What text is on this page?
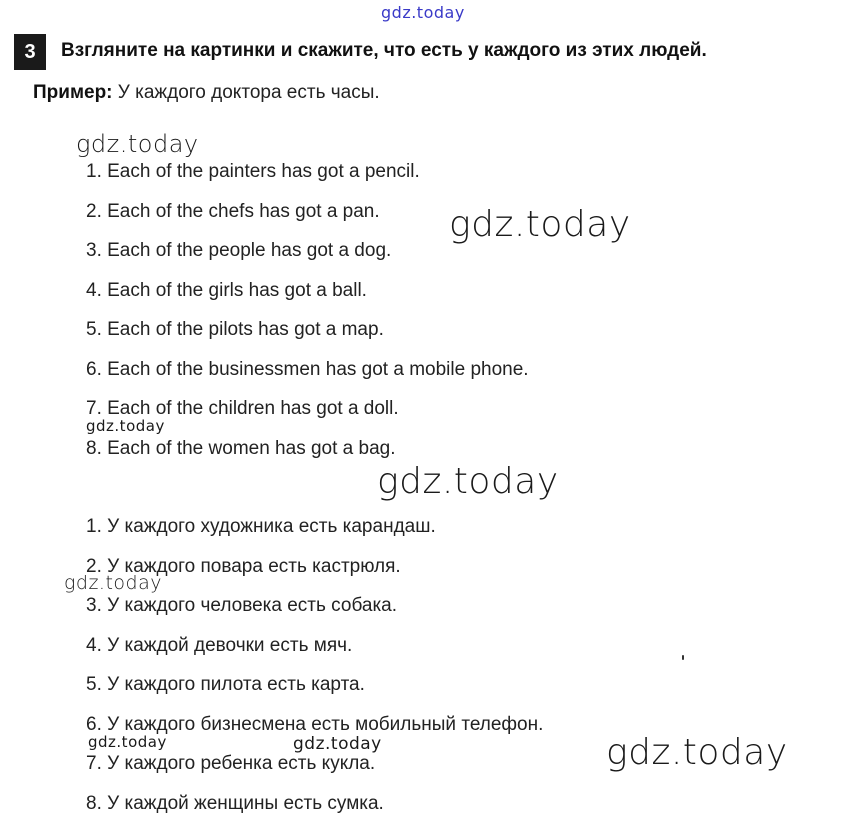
gdz.today
gdz.today
gdz.today
gdz.today
gdz.today
gdz.today
gdz.today	gdz.today	gdz.today
3	Взгляните на картинки и скажите, что есть у каждого из этих людей.
Пример: У каждого доктора есть часы.
1. Each of the painters has got a pencil.
2. Each of the chefs has got a pan.
3. Each of the people has got a dog.
4. Each of the girls has got a ball.
5. Each of the pilots has got a map.
6. Each of the businessmen has got a mobile phone.
7. Each of the children has got a doll.
8. Each of the women has got a bag.
1. У каждого художника есть карандаш.
2. У каждого повара есть кастрюля.
3. У каждого человека есть собака.
4. У каждой девочки есть мяч.
5. У каждого пилота есть карта.
6. У каждого бизнесмена есть мобильный телефон.
7. У каждого ребенка есть кукла.
8. У каждой женщины есть сумка.
